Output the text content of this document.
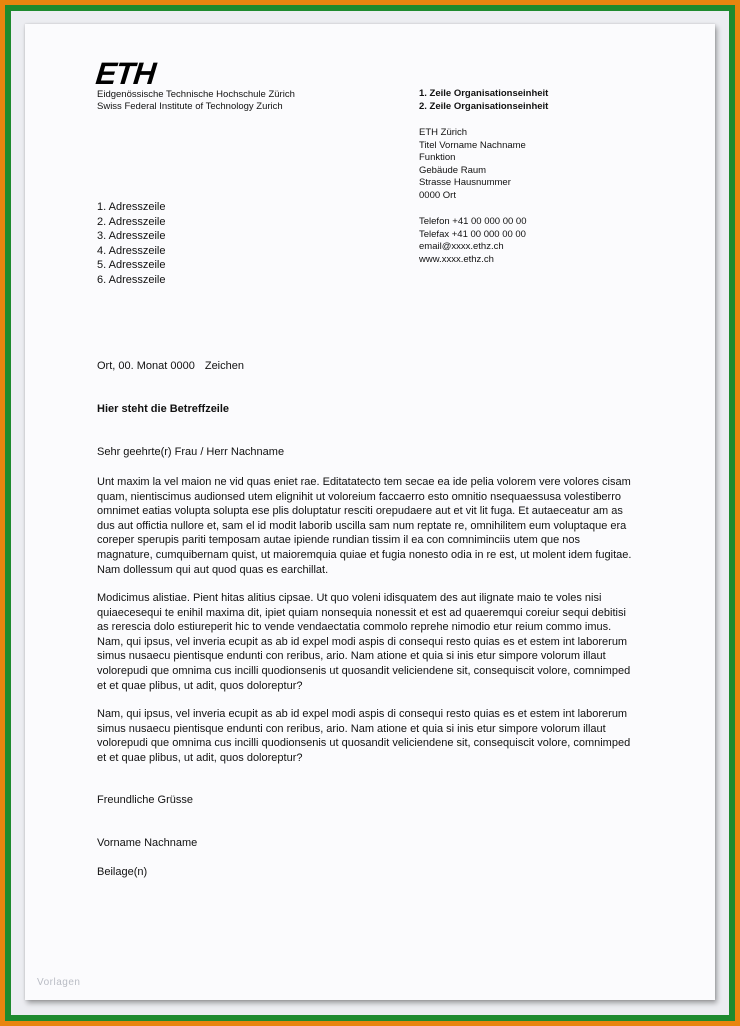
ETH
Eidgenössische Technische Hochschule Zürich
Swiss Federal Institute of Technology Zurich
1. Zeile Organisationseinheit
2. Zeile Organisationseinheit
ETH Zürich
Titel Vorname Nachname
Funktion
Gebäude Raum
Strasse Hausnummer
0000 Ort
Telefon +41 00 000 00 00
Telefax +41 00 000 00 00
email@xxxx.ethz.ch
www.xxxx.ethz.ch
1. Adresszeile
2. Adresszeile
3. Adresszeile
4. Adresszeile
5. Adresszeile
6. Adresszeile
Ort, 00. Monat 0000 Zeichen
Hier steht die Betreffzeile
Sehr geehrte(r) Frau / Herr Nachname
Unt maxim la vel maion ne vid quas eniet rae. Editatatecto tem secae ea ide pelia volorem vere volores cisam
quam, nientiscimus audionsed utem elignihit ut voloreium faccaerro esto omnitio nsequaessusa volestiberro
omnimet eatias volupta solupta ese plis doluptatur resciti orepudaere aut et vit lit fuga. Et autaeceatur am as
dus aut offictia nullore et, sam el id modit laborib uscilla sam num reptate re, omnihilitem eum voluptaque era
coreper sperupis pariti temposam autae ipiende rundian tissim il ea con comniminciis utem que nos
magnature, cumquibernam quist, ut maioremquia quiae et fugia nonesto odia in re est, ut molent idem fugitae.
Nam dollessum qui aut quod quas es earchillat.
Modicimus alistiae. Pient hitas alitius cipsae. Ut quo voleni idisquatem des aut ilignate maio te voles nisi
quiaecesequi te enihil maxima dit, ipiet quiam nonsequia nonessit et est ad quaeremqui coreiur sequi debitisi
as rerescia dolo estiureperit hic to vende vendaectatia commolo reprehe nimodio etur reium commo imus.
Nam, qui ipsus, vel inveria ecupit as ab id expel modi aspis di consequi resto quias es et estem int laborerum
simus nusaecu pientisque endunti con reribus, ario. Nam atione et quia si inis etur simpore volorum illaut
volorepudi que omnima cus incilli quodionsenis ut quosandit veliciendene sit, consequiscit volore, comnimped
et et quae plibus, ut adit, quos doloreptur?
Nam, qui ipsus, vel inveria ecupit as ab id expel modi aspis di consequi resto quias es et estem int laborerum
simus nusaecu pientisque endunti con reribus, ario. Nam atione et quia si inis etur simpore volorum illaut
volorepudi que omnima cus incilli quodionsenis ut quosandit veliciendene sit, consequiscit volore, comnimped
et et quae plibus, ut adit, quos doloreptur?
Freundliche Grüsse
Vorname Nachname
Beilage(n)
Vorlagen
